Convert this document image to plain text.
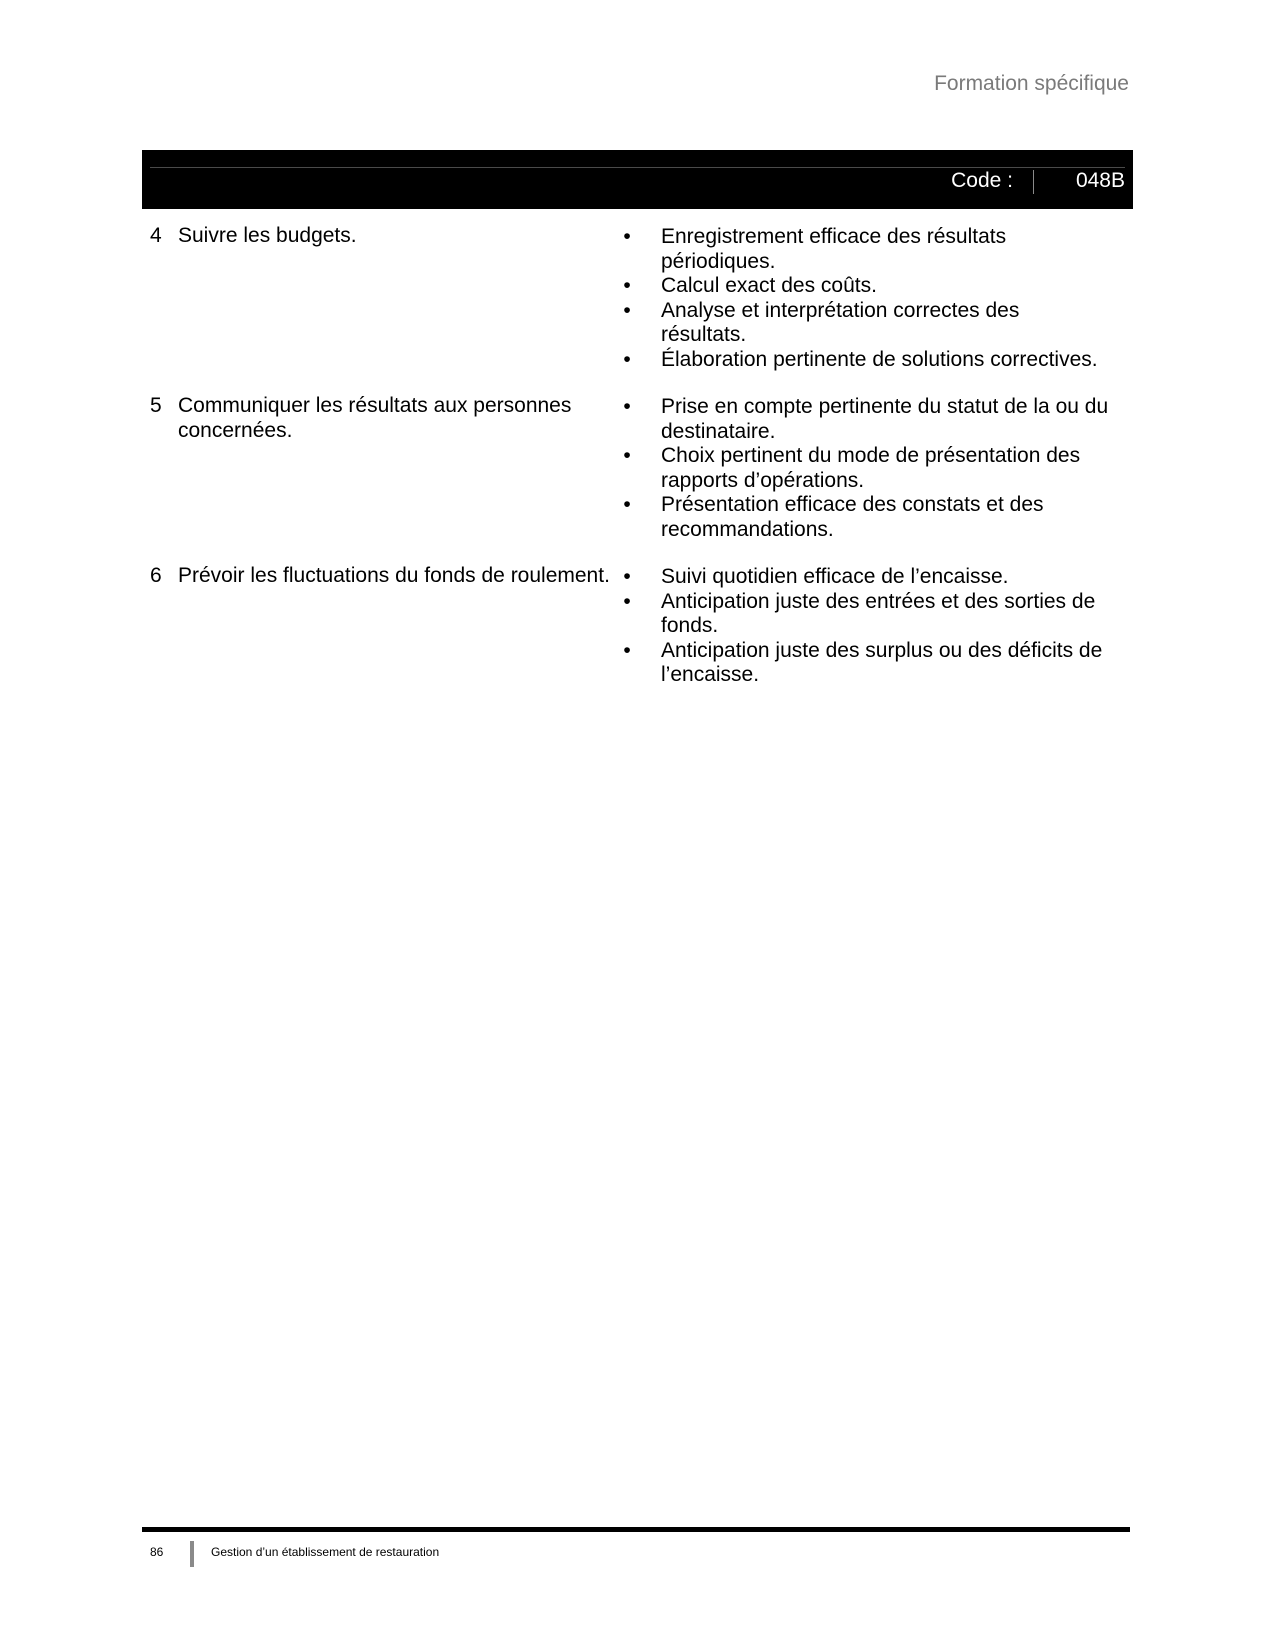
Formation spécifique
Code :	048B
4 Suivre les budgets.	• Enregistrement efficace des résultats périodiques.
• Calcul exact des coûts.
• Analyse et interprétation correctes des résultats.
• Élaboration pertinente de solutions correctives.
5 Communiquer les résultats aux personnes concernées.
• Prise en compte pertinente du statut de la ou du destinataire.
• Choix pertinent du mode de présentation des rapports d’opérations.
• Présentation efficace des constats et des recommandations.
6 Prévoir les fluctuations du fonds de roulement. • Suivi quotidien efficace de l’encaisse.
• Anticipation juste des entrées et des sorties de fonds.
• Anticipation juste des surplus ou des déficits de l’encaisse.
86	Gestion d’un établissement de restauration
